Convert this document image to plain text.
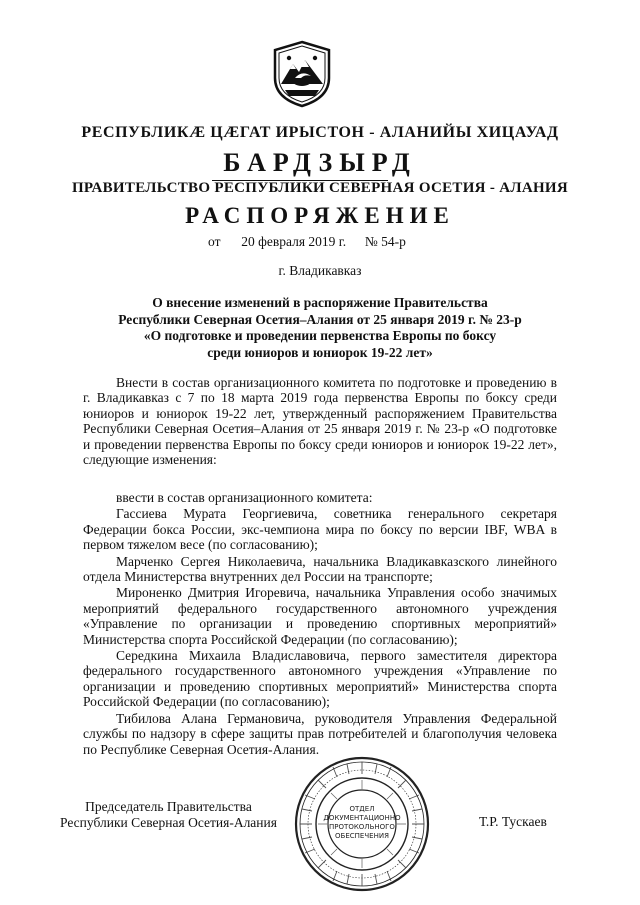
РЕСПУБЛИКӔ ЦӔГАТ ИРЫСТОН - АЛАНИЙЫ ХИЦАУАД
БАРДЗЫРД
ПРАВИТЕЛЬСТВО РЕСПУБЛИКИ СЕВЕРНАЯ ОСЕТИЯ - АЛАНИЯ
РАСПОРЯЖЕНИЕ
от 20 февраля 2019 г. № 54-р
г. Владикавказ
О внесение изменений в распоряжение Правительства
Республики Северная Осетия–Алания от 25 января 2019 г. № 23-р
«О подготовке и проведении первенства Европы по боксу
среди юниоров и юниорок 19-22 лет»
Внести в состав организационного комитета по подготовке и проведению в г. Владикавказ с 7 по 18 марта 2019 года первенства Европы по боксу среди юниоров и юниорок 19-22 лет, утвержденный распоряжением Правительства Республики Северная Осетия–Алания от 25 января 2019 г. № 23-р «О подготовке и проведении первенства Европы по боксу среди юниоров и юниорок 19-22 лет», следующие изменения:

ввести в состав организационного комитета:

Гассиева Мурата Георгиевича, советника генерального секретаря Федерации бокса России, экс-чемпиона мира по боксу по версии IBF, WBA в первом тяжелом весе (по согласованию);

Марченко Сергея Николаевича, начальника Владикавказского линейного отдела Министерства внутренних дел России на транспорте;

Мироненко Дмитрия Игоревича, начальника Управления особо значимых мероприятий федерального государственного автономного учреждения «Управление по организации и проведению спортивных мероприятий» Министерства спорта Российской Федерации (по согласованию);

Середкина Михаила Владиславовича, первого заместителя директора федерального государственного автономного учреждения «Управление по организации и проведению спортивных мероприятий» Министерства спорта Российской Федерации (по согласованию);

Тибилова Алана Германовича, руководителя Управления Федеральной службы по надзору в сфере защиты прав потребителей и благополучия человека по Республике Северная Осетия-Алания.

Председатель Правительства
Республики Северная Осетия-Алания
ОТДЕЛ
ДОКУМЕНТАЦИОННО
ПРОТОКОЛЬНОГО
ОБЕСПЕЧЕНИЯ
Т.Р. Тускаев
